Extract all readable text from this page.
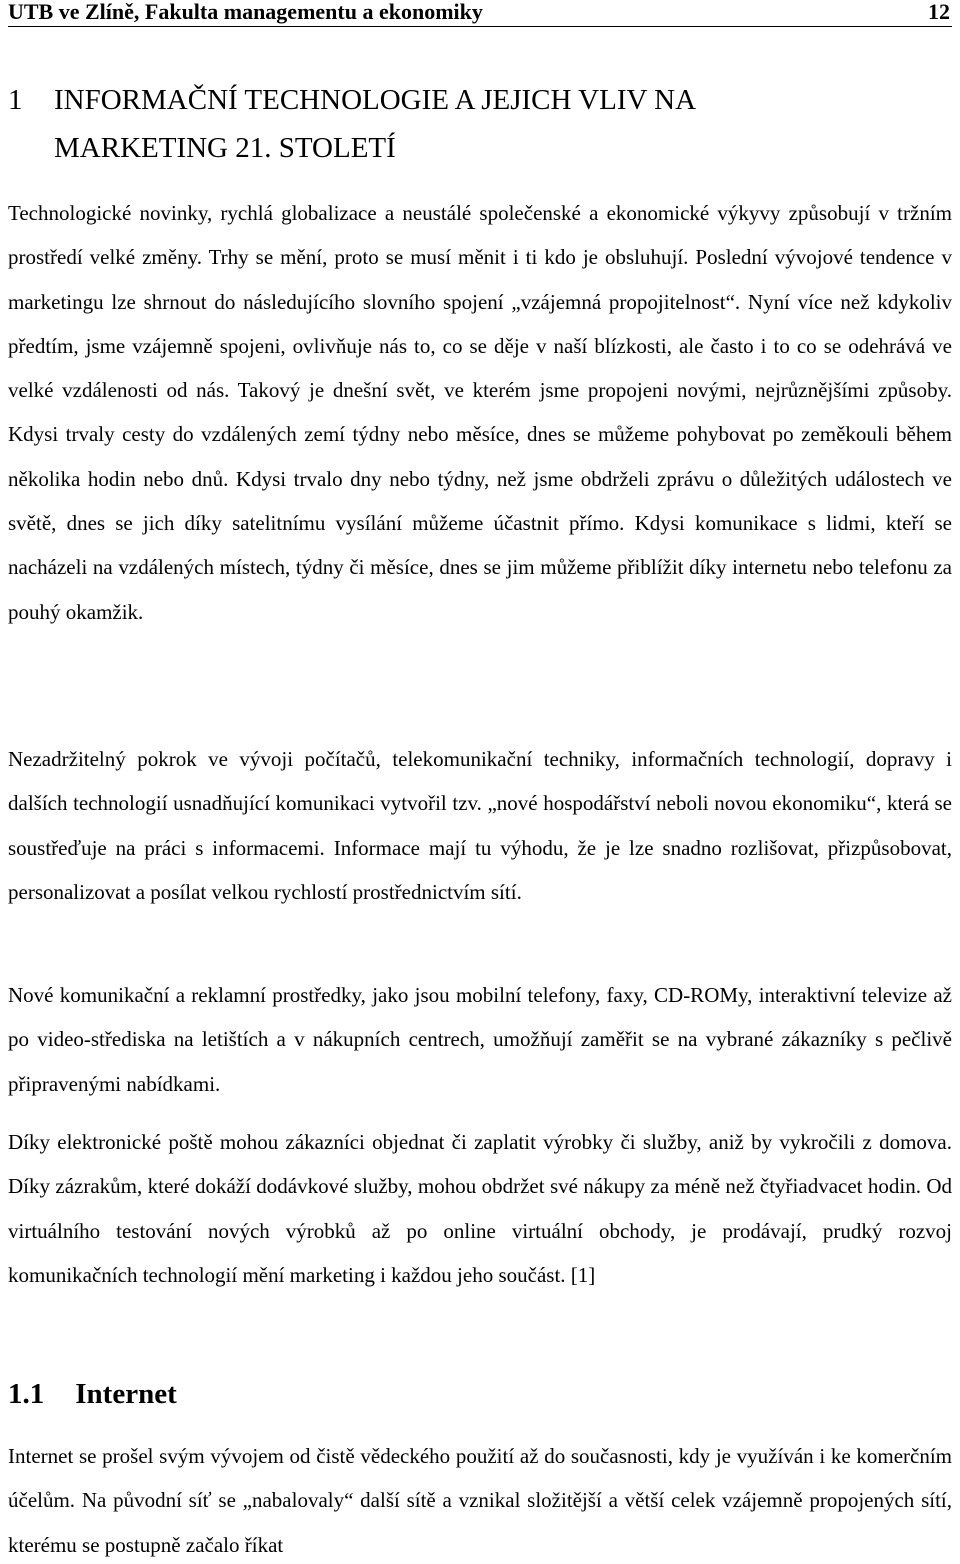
UTB ve Zlíně, Fakulta managementu a ekonomiky	12
1	INFORMAČNÍ TECHNOLOGIE A JEJICH VLIV NA MARKETING 21. STOLETÍ

Technologické novinky, rychlá globalizace a neustálé společenské a ekonomické výkyvy způsobují v tržním prostředí velké změny. Trhy se mění, proto se musí měnit i ti kdo je obsluhují. Poslední vývojové tendence v marketingu lze shrnout do následujícího slovního spojení „vzájemná propojitelnost“. Nyní více než kdykoliv předtím, jsme vzájemně spojeni, ovlivňuje nás to, co se děje v naší blízkosti, ale často i to co se odehrává ve velké vzdálenosti od nás. Takový je dnešní svět, ve kterém jsme propojeni novými, nejrůznějšími způsoby. Kdysi trvaly cesty do vzdálených zemí týdny nebo měsíce, dnes se můžeme pohybovat po zeměkouli během několika hodin nebo dnů. Kdysi trvalo dny nebo týdny, než jsme obdrželi zprávu o důležitých událostech ve světě, dnes se jich díky satelitnímu vysílání můžeme účastnit přímo. Kdysi komunikace s lidmi, kteří se nacházeli na vzdálených místech, týdny či měsíce, dnes se jim můžeme přiblížit díky internetu nebo telefonu za pouhý okamžik.

Nezadržitelný pokrok ve vývoji počítačů, telekomunikační techniky, informačních technologií, dopravy i dalších technologií usnadňující komunikaci vytvořil tzv. „nové hospodářství neboli novou ekonomiku“, která se soustřeďuje na práci s informacemi. Informace mají tu výhodu, že je lze snadno rozlišovat, přizpůsobovat, personalizovat a posílat velkou rychlostí prostřednictvím sítí.

Nové komunikační a reklamní prostředky, jako jsou mobilní telefony, faxy, CD-ROMy, interaktivní televize až po video-střediska na letištích a v nákupních centrech, umožňují zaměřit se na vybrané zákazníky s pečlivě připravenými nabídkami.

Díky elektronické poště mohou zákazníci objednat či zaplatit výrobky či služby, aniž by vykročili z domova. Díky zázrakům, které dokáží dodávkové služby, mohou obdržet své nákupy za méně než čtyřiadvacet hodin. Od virtuálního testování nových výrobků až po online virtuální obchody, je prodávají, prudký rozvoj komunikačních technologií mění marketing i každou jeho součást. [1]

1.1 Internet

Internet se prošel svým vývojem od čistě vědeckého použití až do současnosti, kdy je využíván i ke komerčním účelům. Na původní síť se „nabalovaly“ další sítě a vznikal složitější a větší celek vzájemně propojených sítí, kterému se postupně začalo říkat
